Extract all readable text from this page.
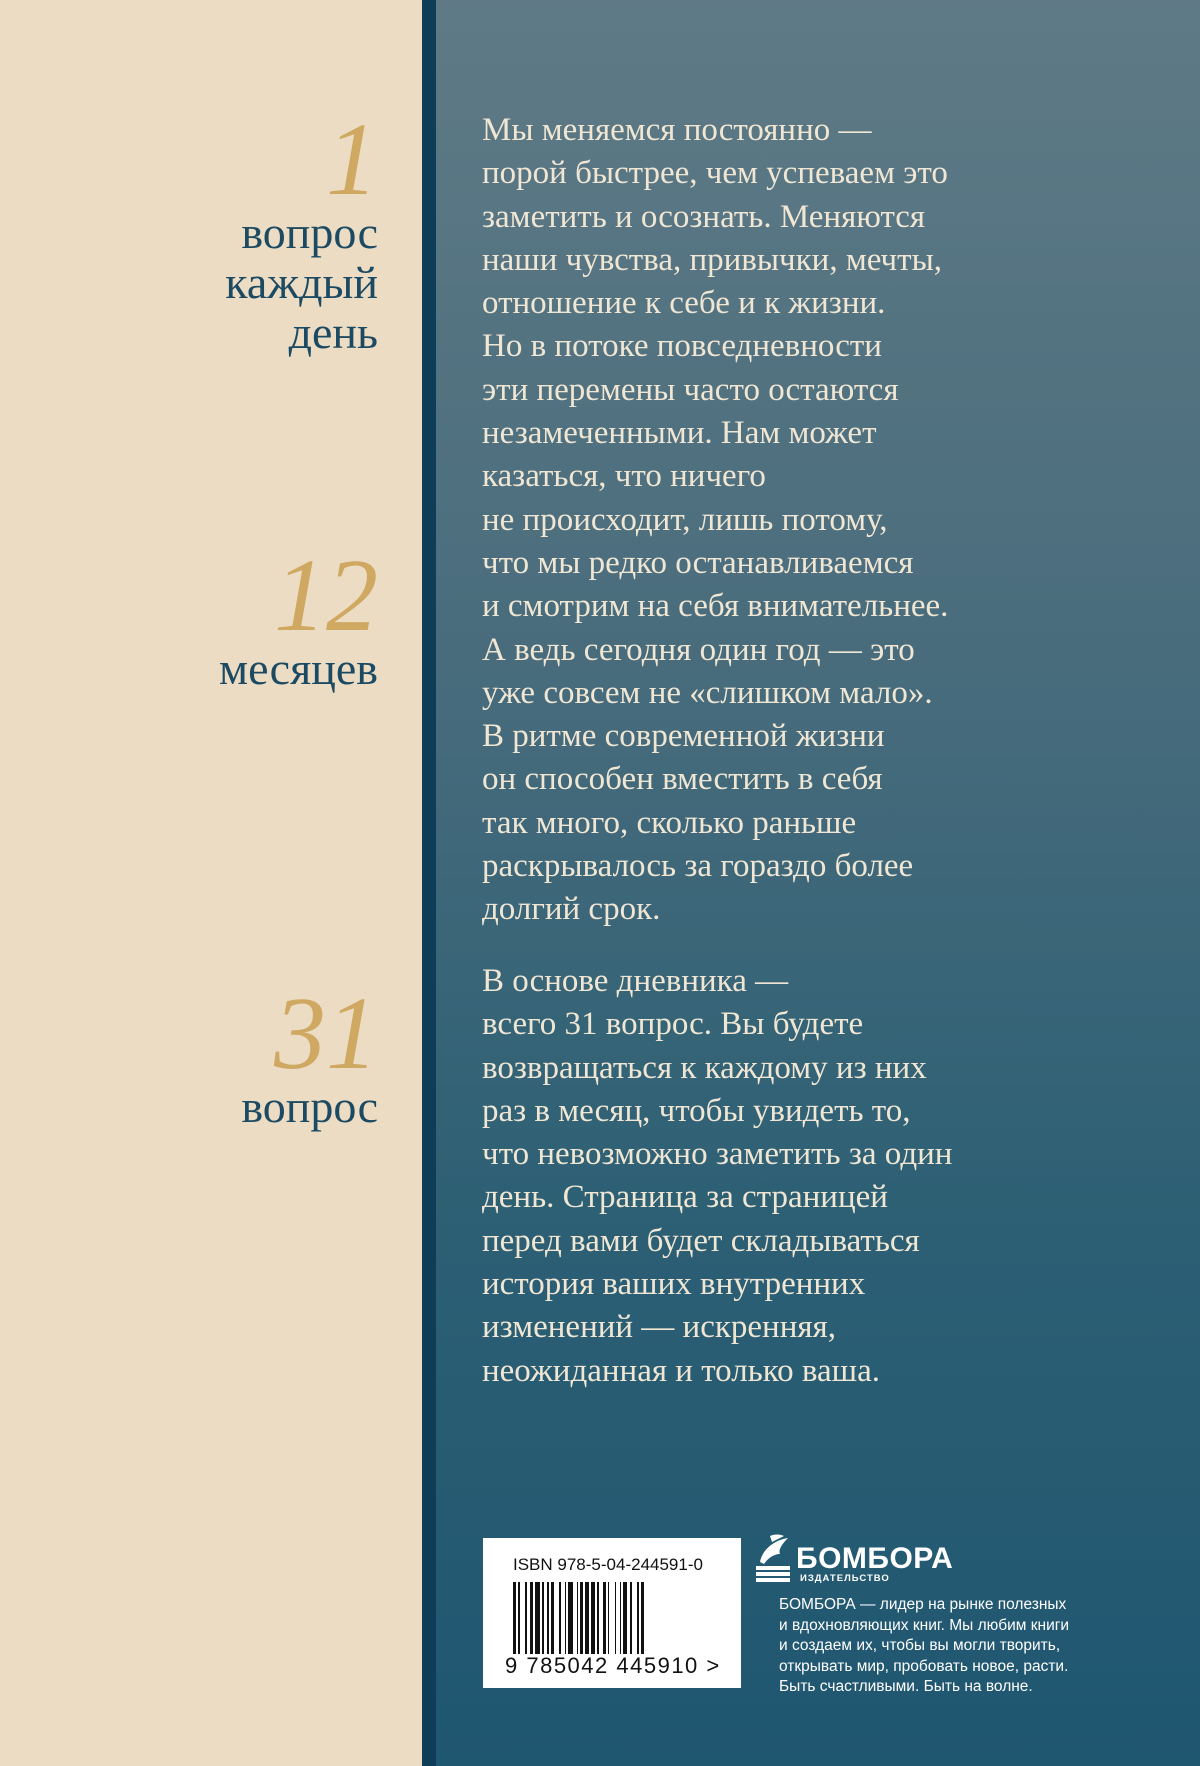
1
вопрос
каждый
день
12
месяцев
31
вопрос
Мы меняемся постоянно —
порой быстрее, чем успеваем это
заметить и осознать. Меняются
наши чувства, привычки, мечты,
отношение к себе и к жизни.
Но в потоке повседневности
эти перемены часто остаются
незамеченными. Нам может
казаться, что ничего
не происходит, лишь потому,
что мы редко останавливаемся
и смотрим на себя внимательнее.
А ведь сегодня один год — это
уже совсем не «слишком мало».
В ритме современной жизни
он способен вместить в себя
так много, сколько раньше
раскрывалось за гораздо более
долгий срок.
В основе дневника —
всего 31 вопрос. Вы будете
возвращаться к каждому из них
раз в месяц, чтобы увидеть то,
что невозможно заметить за один
день. Страница за страницей
перед вами будет складываться
история ваших внутренних
изменений — искренняя,
неожиданная и только ваша.
ISBN 978-5-04-244591-0
9 785042 445910 >
БОМБОРА
ИЗДАТЕЛЬСТВО
БОМБОРА — лидер на рынке полезных
и вдохновляющих книг. Мы любим книги
и создаем их, чтобы вы могли творить,
открывать мир, пробовать новое, расти.
Быть счастливыми. Быть на волне.
